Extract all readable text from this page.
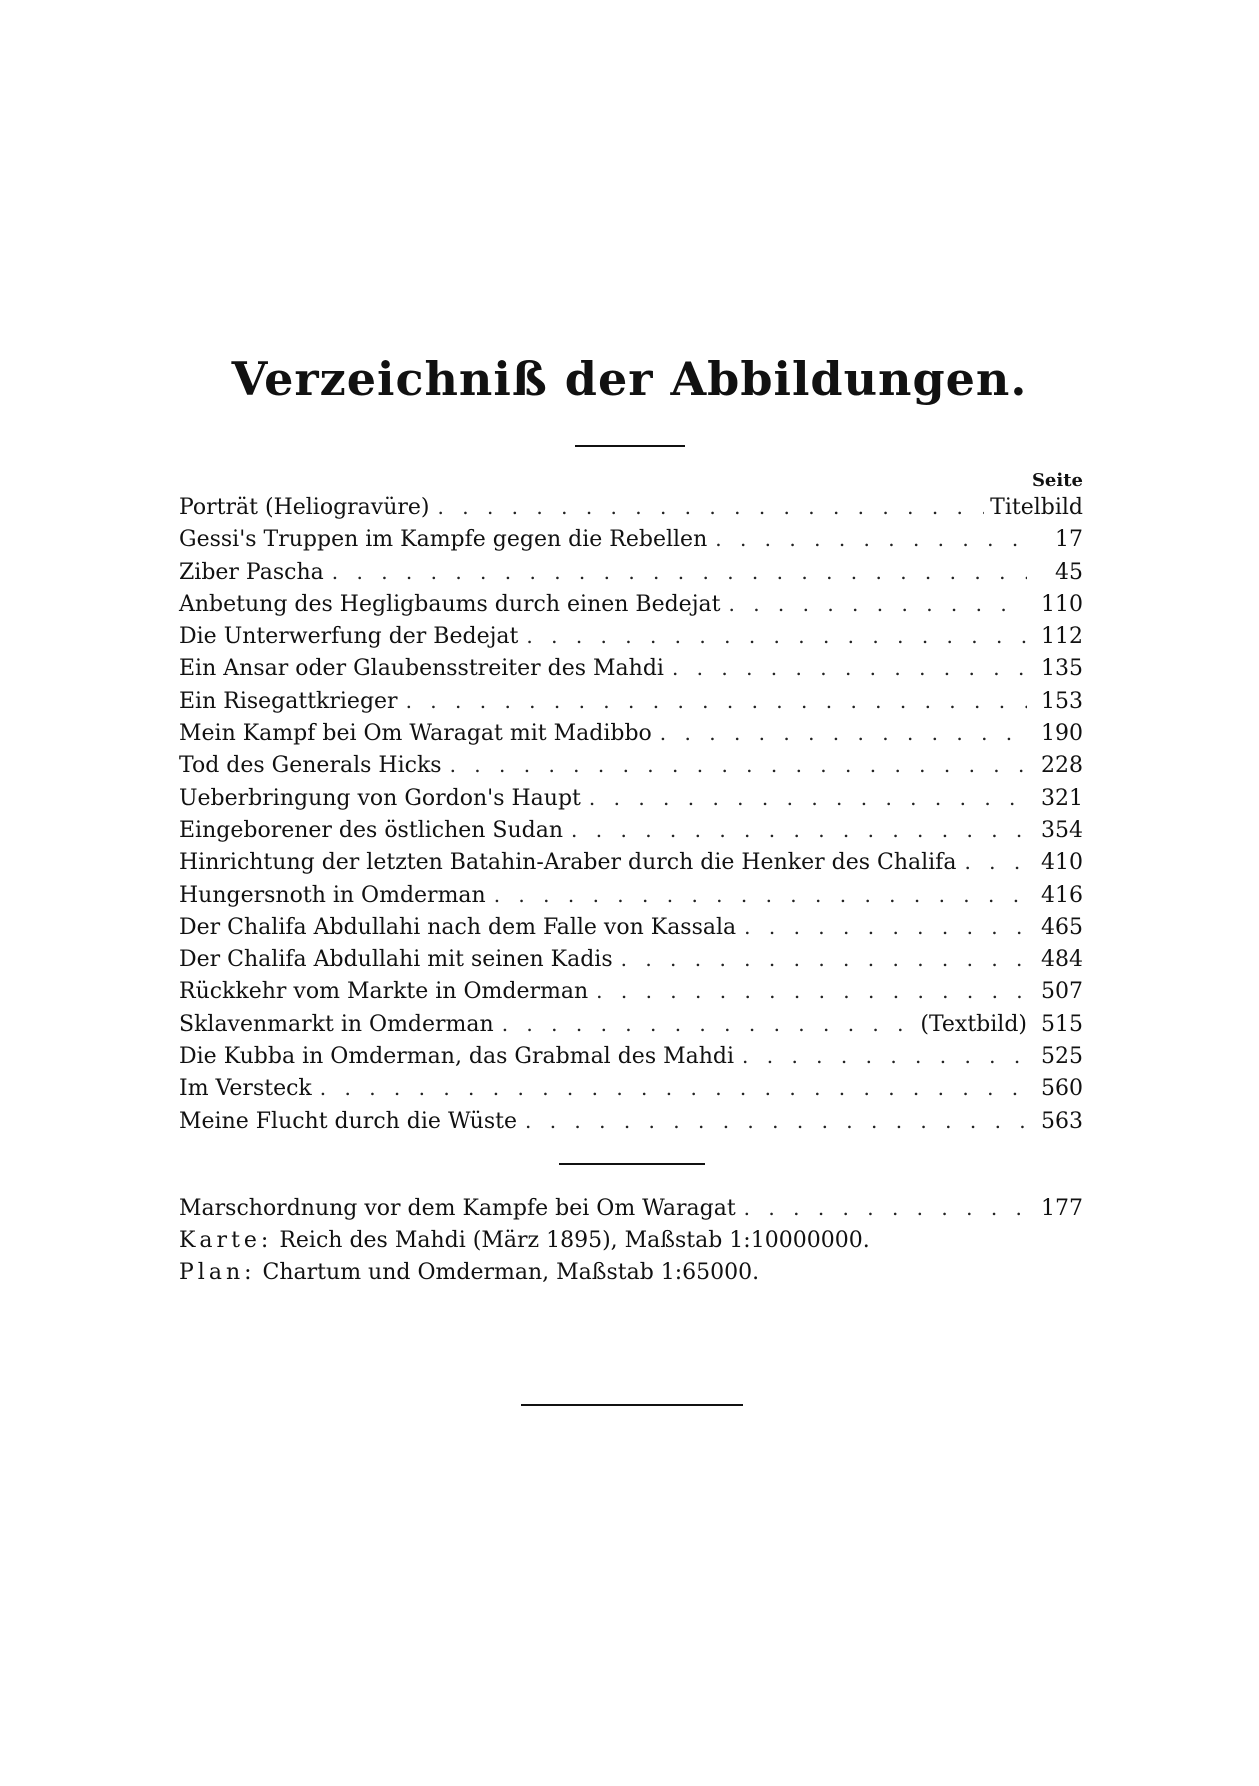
Verzeichniß der Abbildungen.
Seite
Porträt (Heliogravüre) . . .	Titelbild
Gessi's Truppen im Kampfe gegen die Rebellen . . .	17
Ziber Pascha . . .	45
Anbetung des Hegligbaums durch einen Bedejat . . .	110
Die Unterwerfung der Bedejat . . .	112
Ein Ansar oder Glaubensstreiter des Mahdi . . .	135
Ein Risegattkrieger . . .	153
Mein Kampf bei Om Waragat mit Madibbo . . .	190
Tod des Generals Hicks . . .	228
Ueberbringung von Gordon's Haupt . . .	321
Eingeborener des östlichen Sudan . . .	354
Hinrichtung der letzten Batahin-Araber durch die Henker des Chalifa . . .	410
Hungersnoth in Omderman . . .	416
Der Chalifa Abdullahi nach dem Falle von Kassala . . .	465
Der Chalifa Abdullahi mit seinen Kadis . . .	484
Rückkehr vom Markte in Omderman . . .	507
Sklavenmarkt in Omderman . . .	(Textbild) 515
Die Kubba in Omderman, das Grabmal des Mahdi . . .	525
Im Versteck . . .	560
Meine Flucht durch die Wüste . . .	563
Marschordnung vor dem Kampfe bei Om Waragat . . .	177
Karte: Reich des Mahdi (März 1895), Maßstab 1:10000000.
Plan: Chartum und Omderman, Maßstab 1:65000.
